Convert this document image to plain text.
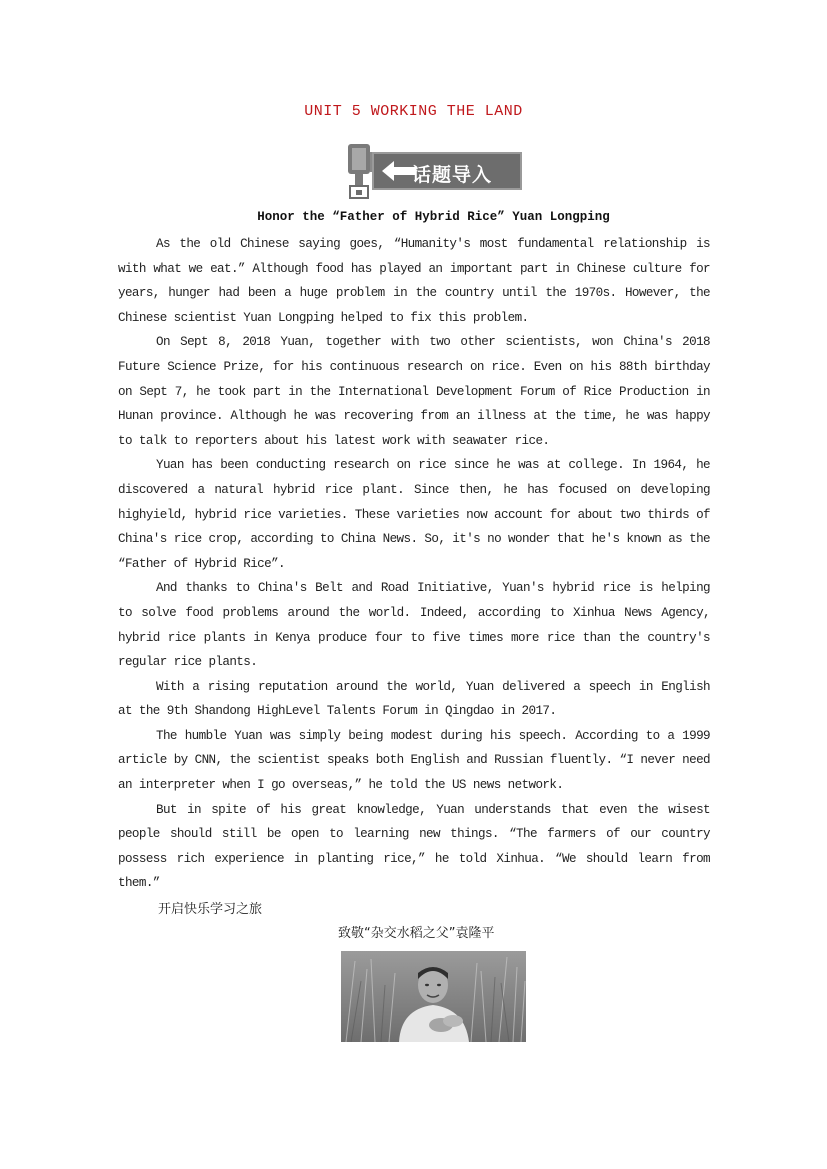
UNIT 5 WORKING THE LAND
话题导入
Honor the “Father of Hybrid Rice” Yuan Longping

As the old Chinese saying goes, “Humanity's most fundamental relationship is with what we eat.” Although food has played an important part in Chinese culture for years, hunger had been a huge problem in the country until the 1970s. However, the Chinese scientist Yuan Longping helped to fix this problem.

On Sept 8, 2018 Yuan, together with two other scientists, won China's 2018 Future Science Prize, for his continuous research on rice. Even on his 88th birthday on Sept 7, he took part in the International Development Forum of Rice Production in Hunan province. Although he was recovering from an illness at the time, he was happy to talk to reporters about his latest work with seawater rice.

Yuan has been conducting research on rice since he was at college. In 1964, he discovered a natural hybrid rice plant. Since then, he has focused on developing highyield, hybrid rice varieties. These varieties now account for about two thirds of China's rice crop, according to China News. So, it's no wonder that he's known as the “Father of Hybrid Rice”.

And thanks to China's Belt and Road Initiative, Yuan's hybrid rice is helping to solve food problems around the world. Indeed, according to Xinhua News Agency, hybrid rice plants in Kenya produce four to five times more rice than the country's regular rice plants.

With a rising reputation around the world, Yuan delivered a speech in English at the 9th Shandong HighLevel Talents Forum in Qingdao in 2017.

The humble Yuan was simply being modest during his speech. According to a 1999 article by CNN, the scientist speaks both English and Russian fluently. “I never need an interpreter when I go overseas,” he told the US news network.

But in spite of his great knowledge, Yuan understands that even the wisest people should still be open to learning new things. “The farmers of our country possess rich experience in planting rice,” he told Xinhua. “We should learn from them.”

开启快乐学习之旅
致敬“杂交水稻之父”袁隆平
